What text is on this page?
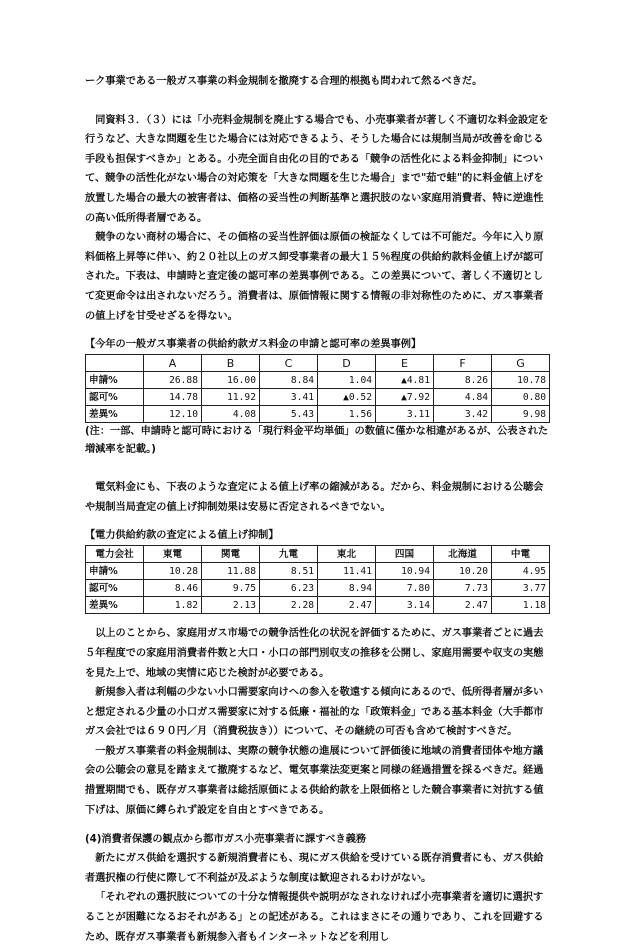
ーク事業である一般ガス事業の料金規制を撤廃する合理的根拠も問われて然るべきだ。

同資料３．（３）には「小売料金規制を廃止する場合でも、小売事業者が著しく不適切な料金設定を行うなど、大きな問題を生じた場合には対応できるよう、そうした場合には規制当局が改善を命じる手段も担保すべきか」とある。小売全面自由化の目的である「競争の活性化による料金抑制」について、競争の活性化がない場合の対応策を「大きな問題を生じた場合」まで"茹で蛙"的に料金値上げを放置した場合の最大の被害者は、価格の妥当性の判断基準と選択肢のない家庭用消費者、特に逆進性の高い低所得者層である。

競争のない商材の場合に、その価格の妥当性評価は原価の検証なくしては不可能だ。今年に入り原料価格上昇等に伴い、約２０社以上のガス卸受事業者の最大１５％程度の供給約款料金値上げが認可された。下表は、申請時と査定後の認可率の差異事例である。この差異について、著しく不適切として変更命令は出されないだろう。消費者は、原価情報に関する情報の非対称性のために、ガス事業者の値上げを甘受せざるを得ない。

【今年の一般ガス事業者の供給約款ガス料金の申請と認可率の差異事例】

	A	B	C	D	E	F	G
申請%	26.88	16.00	8.84	1.04	▲4.81	8.26	10.78
認可%	14.78	11.92	3.41	▲0.52	▲7.92	4.84	0.80
差異%	12.10	4.08	5.43	1.56	3.11	3.42	9.98

(注：一部、申請時と認可時における「現行料金平均単価」の数値に僅かな相違があるが、公表された増減率を記載。)

電気料金にも、下表のような査定による値上げ率の縮減がある。だから、料金規制における公聴会や規制当局査定の値上げ抑制効果は安易に否定されるべきでない。

【電力供給約款の査定による値上げ抑制】

電力会社	東電	関電	九電	東北	四国	北海道	中電
申請%	10.28	11.88	8.51	11.41	10.94	10.20	4.95
認可%	8.46	9.75	6.23	8.94	7.80	7.73	3.77
差異%	1.82	2.13	2.28	2.47	3.14	2.47	1.18

以上のことから、家庭用ガス市場での競争活性化の状況を評価するために、ガス事業者ごとに過去５年程度での家庭用消費者件数と大口・小口の部門別収支の推移を公開し、家庭用需要や収支の実態を見た上で、地域の実情に応じた検討が必要である。

新規参入者は利幅の少ない小口需要家向けへの参入を敬遠する傾向にあるので、低所得者層が多いと想定される少量の小口ガス需要家に対する低廉・福祉的な「政策料金」である基本料金（大手都市ガス会社では６９０円／月（消費税抜き））について、その継続の可否も含めて検討すべきだ。

一般ガス事業者の料金規制は、実際の競争状態の進展について評価後に地域の消費者団体や地方議会の公聴会の意見を踏まえて撤廃するなど、電気事業法変更案と同様の経過措置を採るべきだ。経過措置期間でも、既存ガス事業者は総括原価による供給約款を上限価格とした競合事業者に対抗する値下げは、原価に縛られず設定を自由とすべきである。

(4)消費者保護の観点から都市ガス小売事業者に課すべき義務

新たにガス供給を選択する新規消費者にも、現にガス供給を受けている既存消費者にも、ガス供給者選択権の行使に際して不利益が及ぶような制度は歓迎されるわけがない。

「それぞれの選択肢についての十分な情報提供や説明がなされなければ小売事業者を適切に選択することが困難になるおそれがある」との記述がある。これはまさにその通りであり、これを回避するため、既存ガス事業者も新規参入者もインターネットなどを利用し
